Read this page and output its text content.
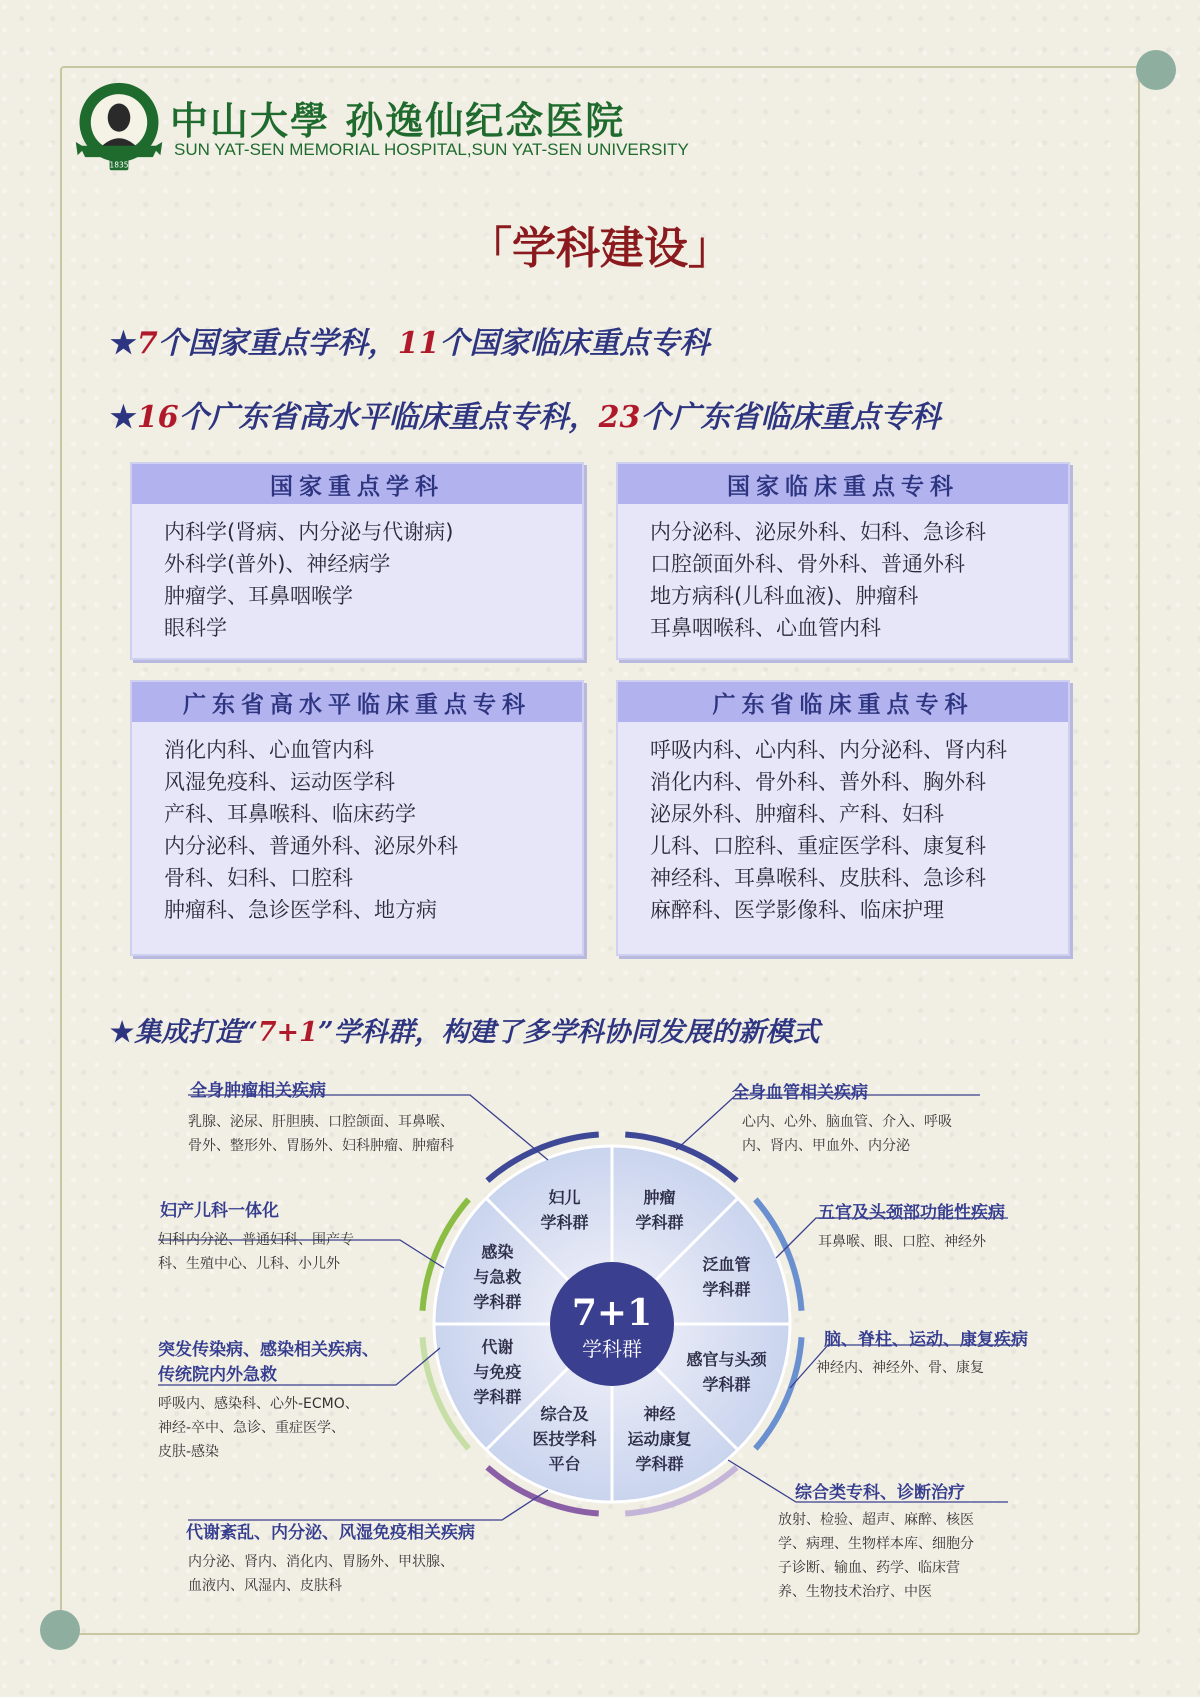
1835
中山大學 孙逸仙纪念医院
SUN YAT-SEN MEMORIAL HOSPITAL,SUN YAT-SEN UNIVERSITY
「学科建设」
★7个国家重点学科，11个国家临床重点专科
★16个广东省高水平临床重点专科，23个广东省临床重点专科
国家重点学科
内科学(肾病、内分泌与代谢病)
外科学(普外)、神经病学
肿瘤学、耳鼻咽喉学
眼科学
国家临床重点专科
内分泌科、泌尿外科、妇科、急诊科
口腔颌面外科、骨外科、普通外科
地方病科(儿科血液)、肿瘤科
耳鼻咽喉科、心血管内科
广东省高水平临床重点专科
消化内科、心血管内科
风湿免疫科、运动医学科
产科、耳鼻喉科、临床药学
内分泌科、普通外科、泌尿外科
骨科、妇科、口腔科
肿瘤科、急诊医学科、地方病
广东省临床重点专科
呼吸内科、心内科、内分泌科、肾内科
消化内科、骨外科、普外科、胸外科
泌尿外科、肿瘤科、产科、妇科
儿科、口腔科、重症医学科、康复科
神经科、耳鼻喉科、皮肤科、急诊科
麻醉科、医学影像科、临床护理
★集成打造“7+1”学科群，构建了多学科协同发展的新模式
7+1
学科群
肿瘤学科群
泛血管学科群
感官与头颈学科群
神经运动康复学科群
综合及医技学科平台
代谢与免疫学科群
感染与急救学科群
妇儿学科群
全身肿瘤相关疾病
乳腺、泌尿、肝胆胰、口腔颌面、耳鼻喉、
骨外、整形外、胃肠外、妇科肿瘤、肿瘤科
全身血管相关疾病
心内、心外、脑血管、介入、呼吸
内、肾内、甲血外、内分泌
五官及头颈部功能性疾病
耳鼻喉、眼、口腔、神经外
脑、脊柱、运动、康复疾病
神经内、神经外、骨、康复
综合类专科、诊断治疗
放射、检验、超声、麻醉、核医
学、病理、生物样本库、细胞分
子诊断、输血、药学、临床营
养、生物技术治疗、中医
代谢紊乱、内分泌、风湿免疫相关疾病
内分泌、肾内、消化内、胃肠外、甲状腺、
血液内、风湿内、皮肤科
突发传染病、感染相关疾病、
传统院内外急救
呼吸内、感染科、心外-ECMO、
神经-卒中、急诊、重症医学、
皮肤-感染
妇产儿科一体化
妇科内分泌、普通妇科、围产专
科、生殖中心、儿科、小儿外
